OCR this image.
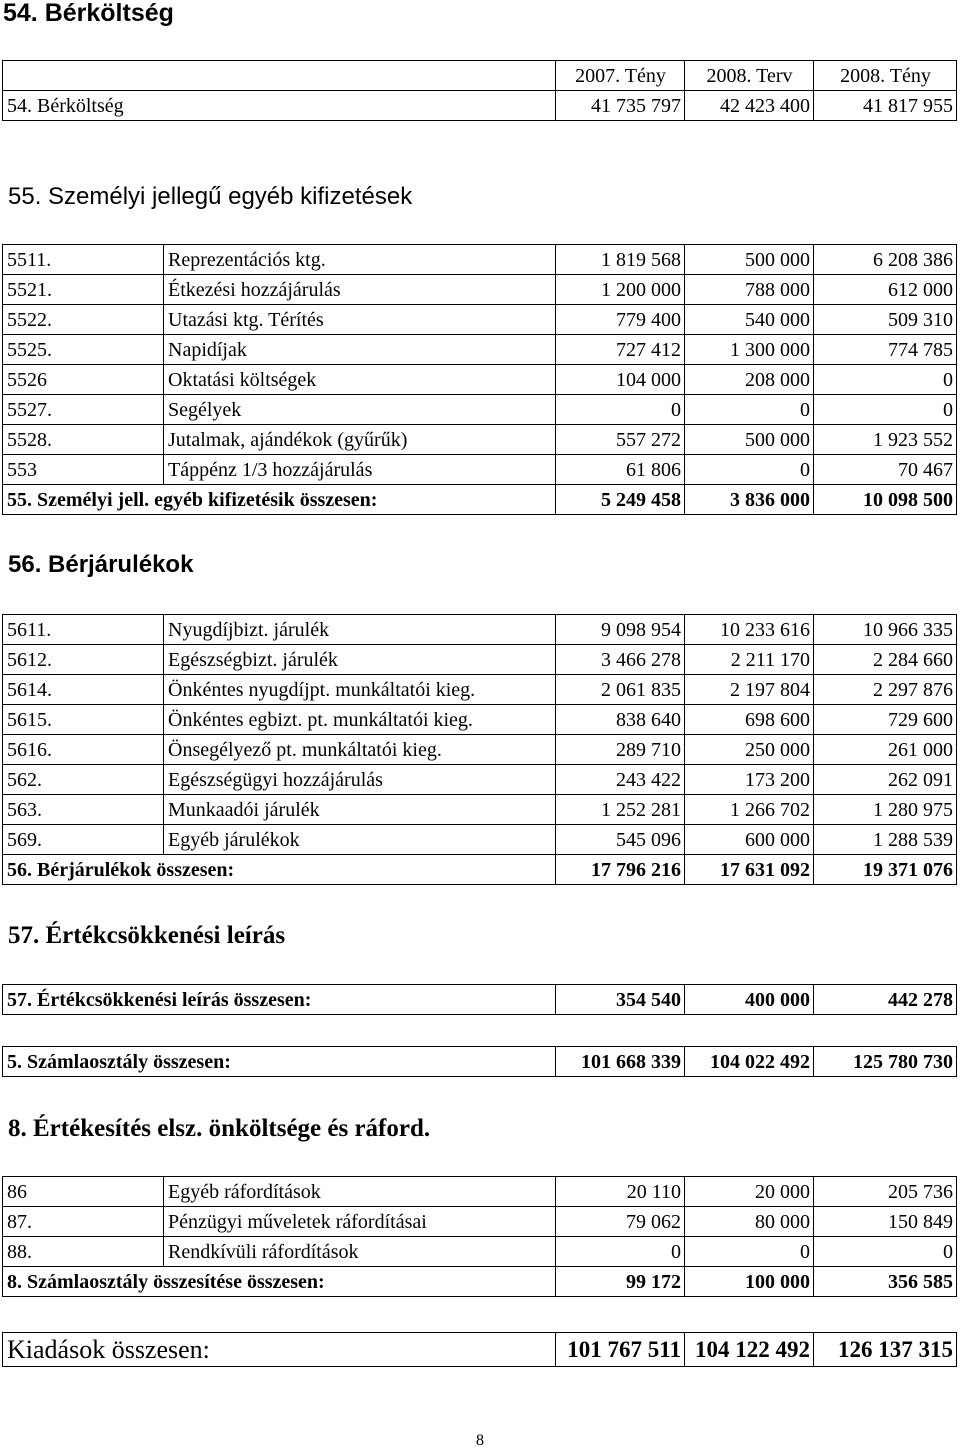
54. Bérköltség
	2007. Tény	2008. Terv	2008. Tény
54. Bérköltség	41 735 797	42 423 400	41 817 955
55. Személyi jellegű egyéb kifizetések
5511.	Reprezentációs ktg.	1 819 568	500 000	6 208 386
5521.	Étkezési hozzájárulás	1 200 000	788 000	612 000
5522.	Utazási ktg. Térítés	779 400	540 000	509 310
5525.	Napidíjak	727 412	1 300 000	774 785
5526	Oktatási költségek	104 000	208 000	0
5527.	Segélyek	0	0	0
5528.	Jutalmak, ajándékok (gyűrűk)	557 272	500 000	1 923 552
553	Táppénz 1/3 hozzájárulás	61 806	0	70 467
55. Személyi jell. egyéb kifizetésik összesen:		5 249 458	3 836 000	10 098 500
56. Bérjárulékok
5611.	Nyugdíjbizt. járulék	9 098 954	10 233 616	10 966 335
5612.	Egészségbizt. járulék	3 466 278	2 211 170	2 284 660
5614.	Önkéntes nyugdíjpt. munkáltatói kieg.	2 061 835	2 197 804	2 297 876
5615.	Önkéntes egbizt. pt. munkáltatói kieg.	838 640	698 600	729 600
5616.	Önsegélyező pt. munkáltatói kieg.	289 710	250 000	261 000
562.	Egészségügyi hozzájárulás	243 422	173 200	262 091
563.	Munkaadói járulék	1 252 281	1 266 702	1 280 975
569.	Egyéb járulékok	545 096	600 000	1 288 539
56. Bérjárulékok összesen:		17 796 216	17 631 092	19 371 076
57. Értékcsökkenési leírás
57. Értékcsökkenési leírás összesen:	354 540	400 000	442 278
5. Számlaosztály összesen:	101 668 339	104 022 492	125 780 730
8. Értékesítés elsz. önköltsége és ráford.
86	Egyéb ráfordítások	20 110	20 000	205 736
87.	Pénzügyi műveletek ráfordításai	79 062	80 000	150 849
88.	Rendkívüli ráfordítások	0	0	0
8. Számlaosztály összesítése összesen:		99 172	100 000	356 585
Kiadások összesen:	101 767 511	104 122 492	126 137 315
8
